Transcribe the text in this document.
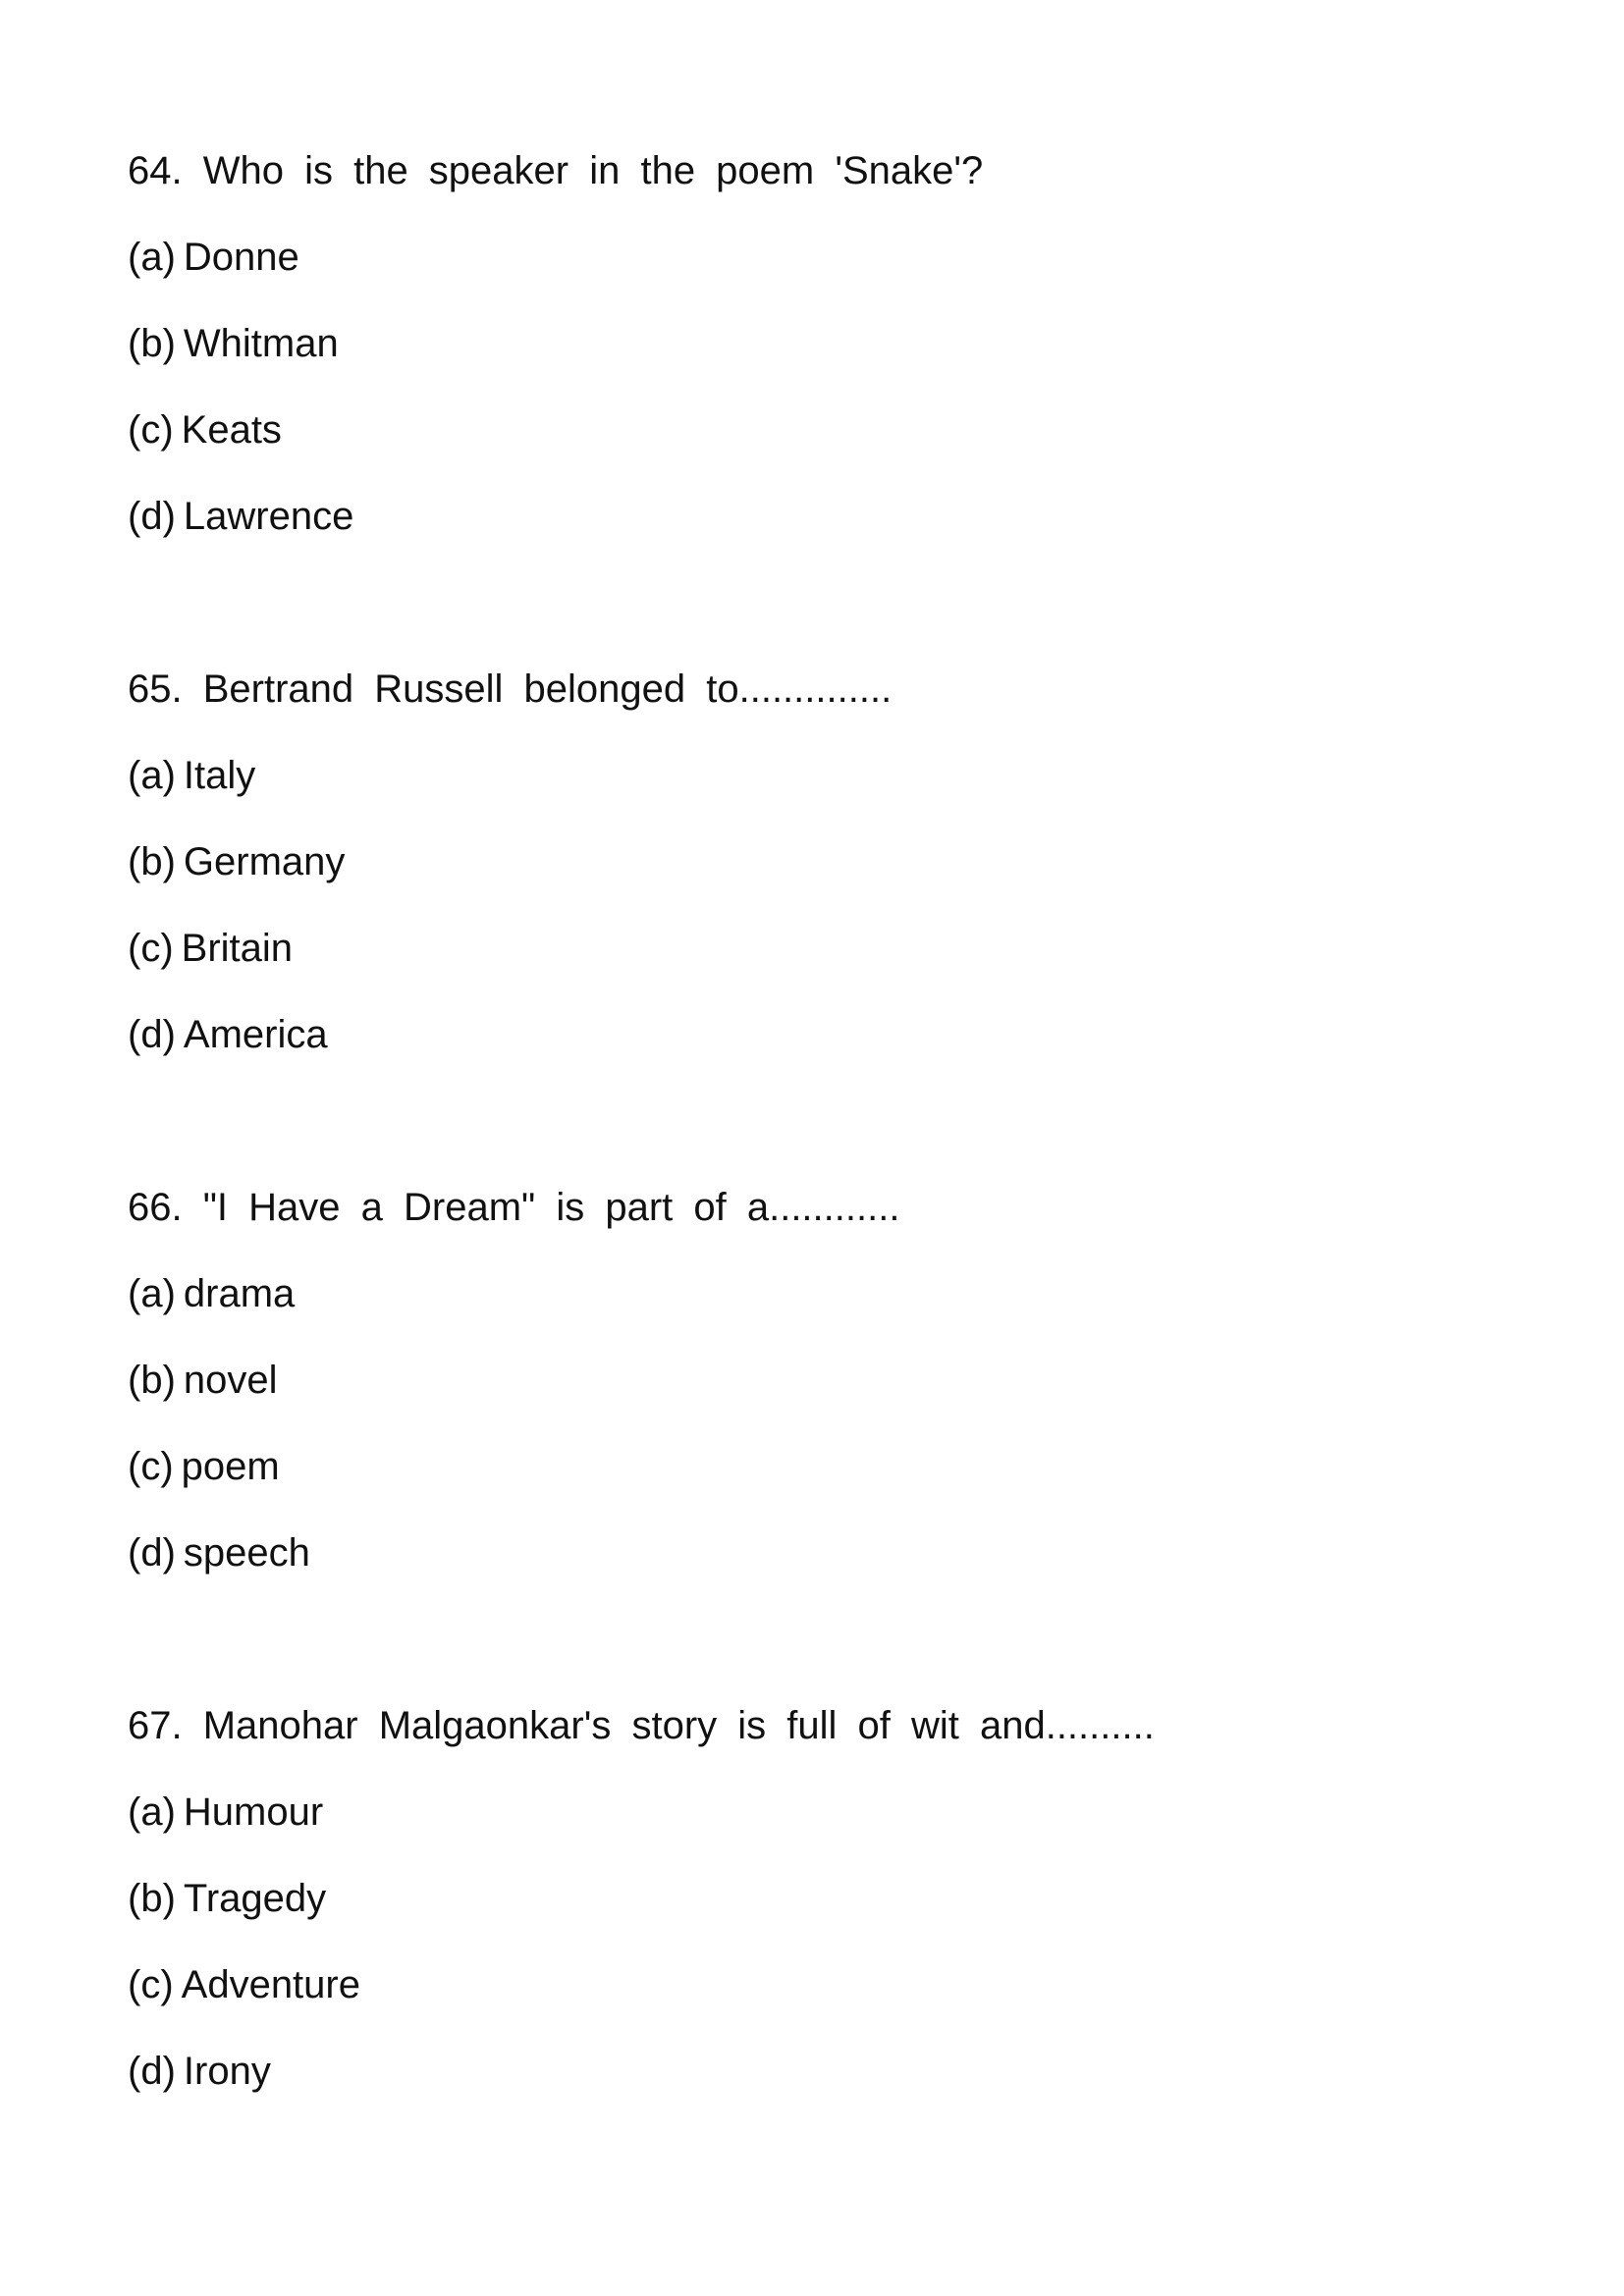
64. Who is the speaker in the poem 'Snake'?
(a) Donne
(b) Whitman
(c) Keats
(d) Lawrence
65. Bertrand Russell belonged to..............
(a) Italy
(b) Germany
(c) Britain
(d) America
66. "I Have a Dream" is part of a............
(a) drama
(b) novel
(c) poem
(d) speech
67. Manohar Malgaonkar's story is full of wit and..........
(a) Humour
(b) Tragedy
(c) Adventure
(d) Irony
